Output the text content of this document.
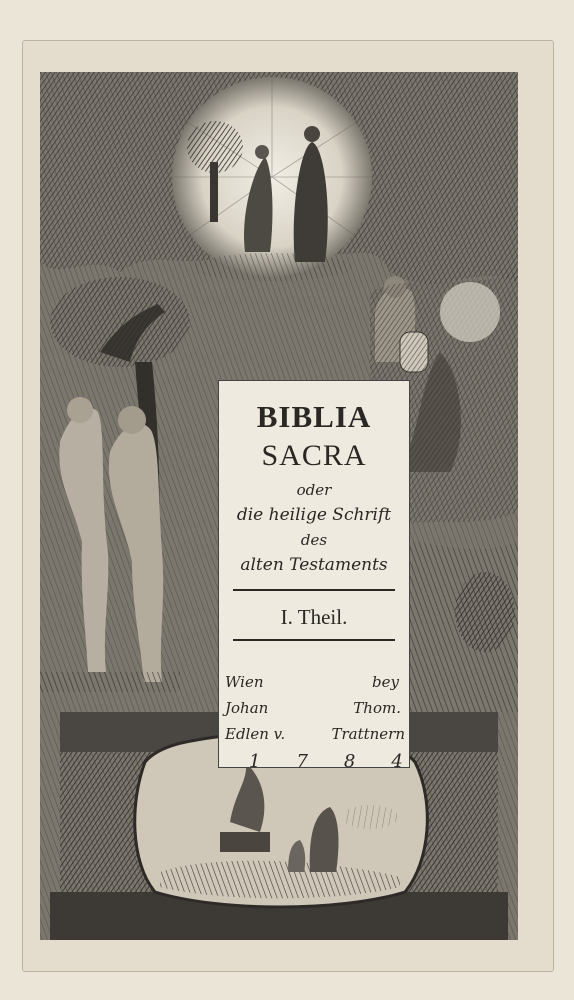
BIBLIA
SACRA
oder
die heilige Schrift
des
alten Testaments
I. Theil.
Wien
Johan
Edlen v.
bey
Thom.
Trattnern
1784
